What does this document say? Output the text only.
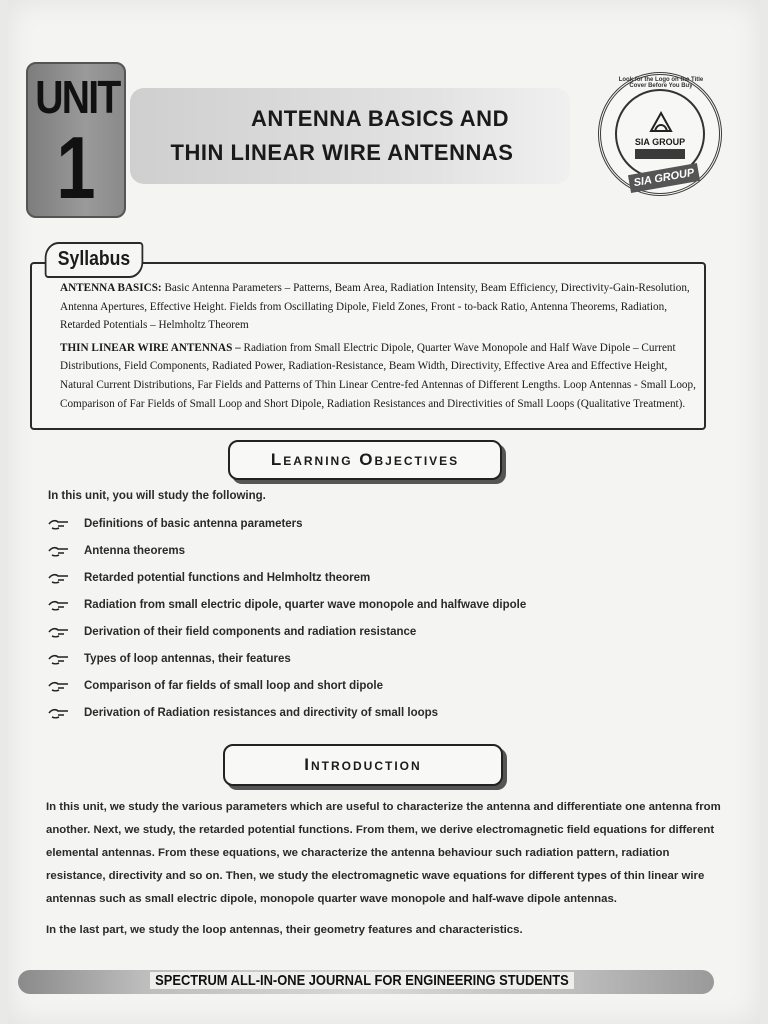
UNIT
1	ANTENNA BASICS AND
THIN LINEAR WIRE ANTENNAS
Look for the Logo on the Title Cover Before You Buy
SIA GROUP
SIA GROUP

ANTENNA BASICS: Basic Antenna Parameters – Patterns, Beam Area, Radiation Intensity, Beam Efficiency, Directivity-Gain-Resolution, Antenna Apertures, Effective Height. Fields from Oscillating Dipole, Field Zones, Front - to-back Ratio, Antenna Theorems, Radiation, Retarded Potentials – Helmholtz Theorem

THIN LINEAR WIRE ANTENNAS – Radiation from Small Electric Dipole, Quarter Wave Monopole and Half Wave Dipole – Current Distributions, Field Components, Radiated Power, Radiation-Resistance, Beam Width, Directivity, Effective Area and Effective Height, Natural Current Distributions, Far Fields and Patterns of Thin Linear Centre-fed Antennas of Different Lengths. Loop Antennas - Small Loop, Comparison of Far Fields of Small Loop and Short Dipole, Radiation Resistances and Directivities of Small Loops (Qualitative Treatment).

Syllabus
Learning Objectives
In this unit, you will study the following.
Definitions of basic antenna parameters
Antenna theorems
Retarded potential functions and Helmholtz theorem
Radiation from small electric dipole, quarter wave monopole and halfwave dipole
Derivation of their field components and radiation resistance
Types of loop antennas, their features
Comparison of far fields of small loop and short dipole
Derivation of Radiation resistances and directivity of small loops
Introduction

In this unit, we study the various parameters which are useful to characterize the antenna and differentiate one antenna from another. Next, we study, the retarded potential functions. From them, we derive electromagnetic field equations for different elemental antennas. From these equations, we characterize the antenna behaviour such radiation pattern, radiation resistance, directivity and so on. Then, we study the electromagnetic wave equations for different types of thin linear wire antennas such as small electric dipole, monopole quarter wave monopole and half-wave dipole antennas.

In the last part, we study the loop antennas, their geometry features and characteristics.

SPECTRUM ALL-IN-ONE JOURNAL FOR ENGINEERING STUDENTS
